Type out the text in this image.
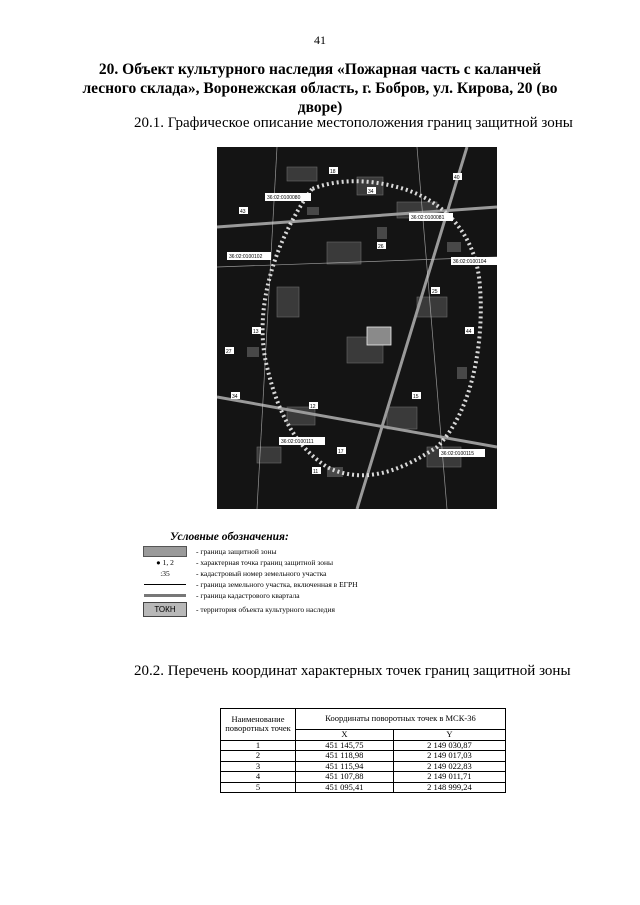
41
20. Объект культурного наследия «Пожарная часть с каланчей лесного склада», Воронежская область, г. Бобров, ул. Кирова, 20 (во дворе)
20.1. Графическое описание местоположения границ защитной зоны
36:02:0100080
36:02:0100081
36:02:0100102
36:02:0100104
36:02:0100111
36:02:0100115
43
18
34
26
25
27
13	44
12
15
34
11
17
40
Условные обозначения:
- граница защитной зоны
● 1, 2	- характерная точка границ защитной зоны
:35	- кадастровый номер земельного участка
- граница земельного участка, включенная в ЕГРН
- граница кадастрового квартала
ТОКН	- территория объекта культурного наследия
20.2. Перечень координат характерных точек границ защитной зоны
Наименование поворотных точек	Координаты поворотных точек в МСК-36	
	X	Y
1	451 145,75	2 149 030,87
2	451 118,98	2 149 017,03
3	451 115,94	2 149 022,83
4	451 107,88	2 149 011,71
5	451 095,41	2 148 999,24
